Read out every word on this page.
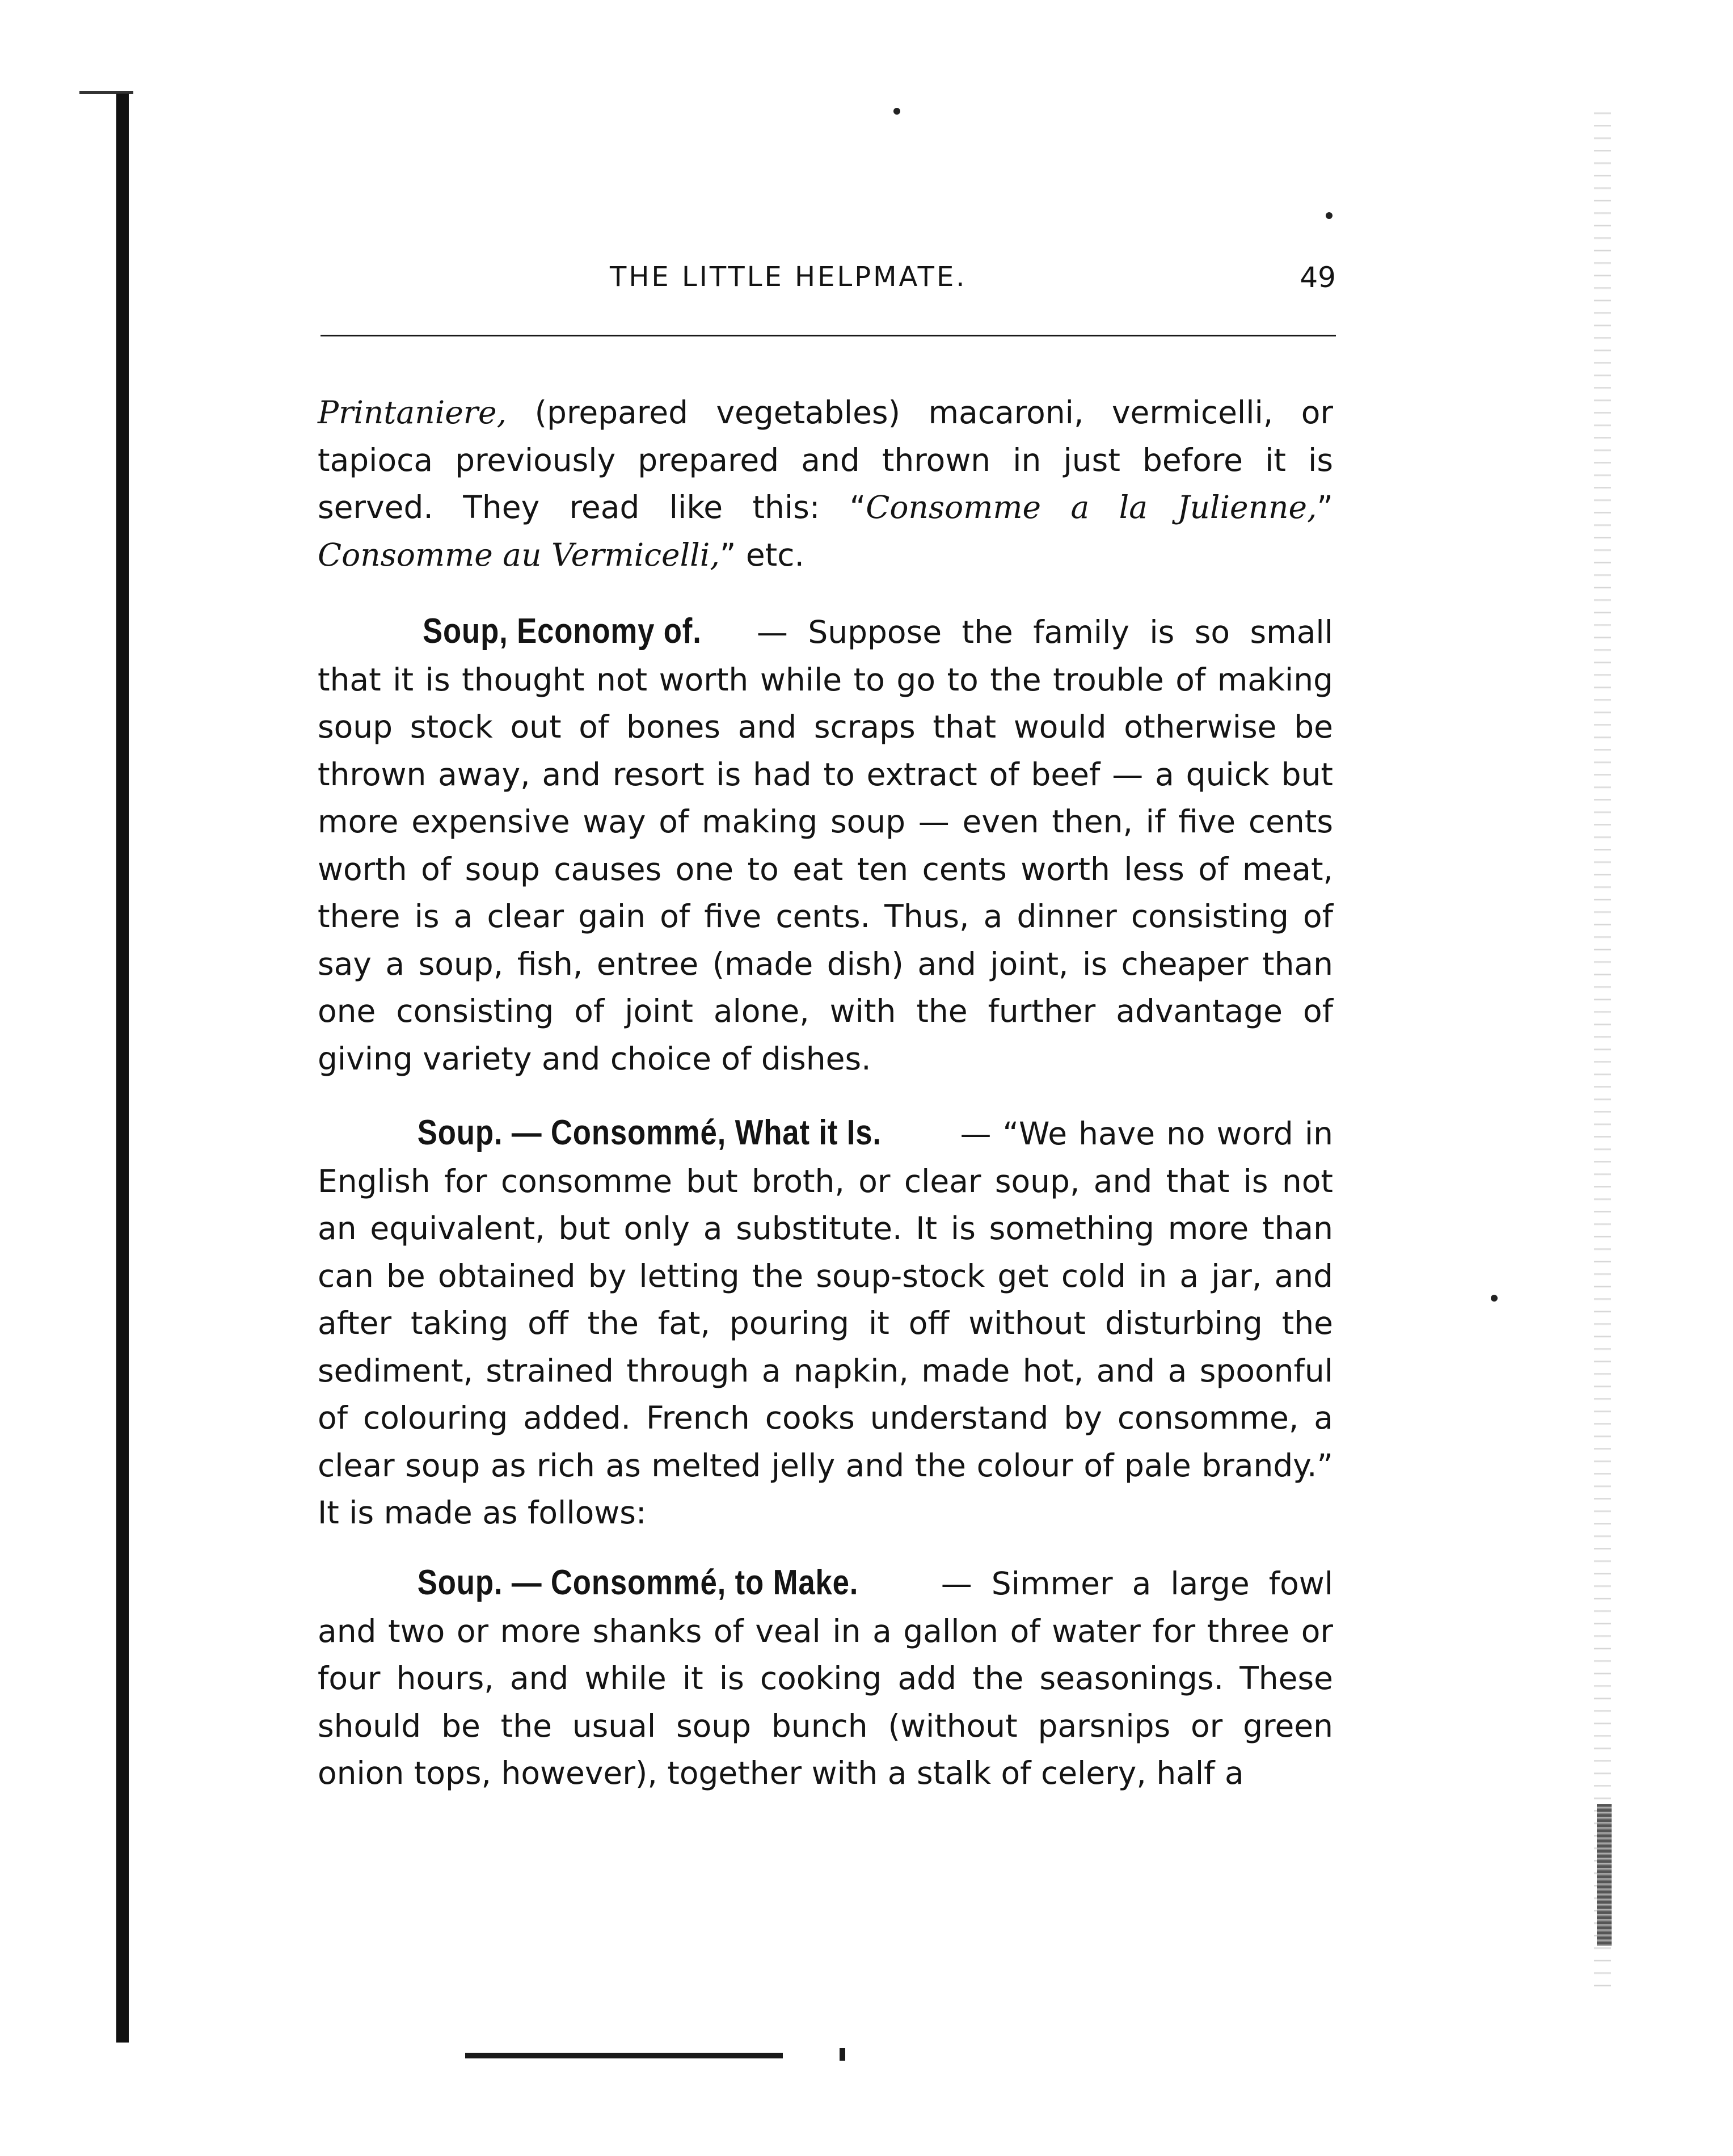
THE LITTLE HELPMATE.	49
Printaniere, (prepared vegetables) macaroni, vermicelli, or tapioca previously prepared and thrown in just before it is served. They read like this: “Consomme a la Julienne,” Consomme au Vermicelli,” etc.
Soup, Economy of. — Suppose the family is so small that it is thought not worth while to go to the trouble of making soup stock out of bones and scraps that would otherwise be thrown away, and resort is had to extract of beef — a quick but more expensive way of making soup — even then, if five cents worth of soup causes one to eat ten cents worth less of meat, there is a clear gain of five cents. Thus, a dinner consisting of say a soup, fish, entree (made dish) and joint, is cheaper than one consisting of joint alone, with the further advantage of giving variety and choice of dishes.
Soup. — Consommé, What it Is. — “We have no word in English for consomme but broth, or clear soup, and that is not an equivalent, but only a substitute. It is something more than can be obtained by letting the soup-stock get cold in a jar, and after taking off the fat, pouring it off without disturbing the sediment, strained through a napkin, made hot, and a spoonful of colouring added. French cooks understand by consomme, a clear soup as rich as melted jelly and the colour of pale brandy.” It is made as follows:
Soup. — Consommé, to Make. — Simmer a large fowl and two or more shanks of veal in a gallon of water for three or four hours, and while it is cooking add the seasonings. These should be the usual soup bunch (without parsnips or green onion tops, however), together with a stalk of celery, half a
